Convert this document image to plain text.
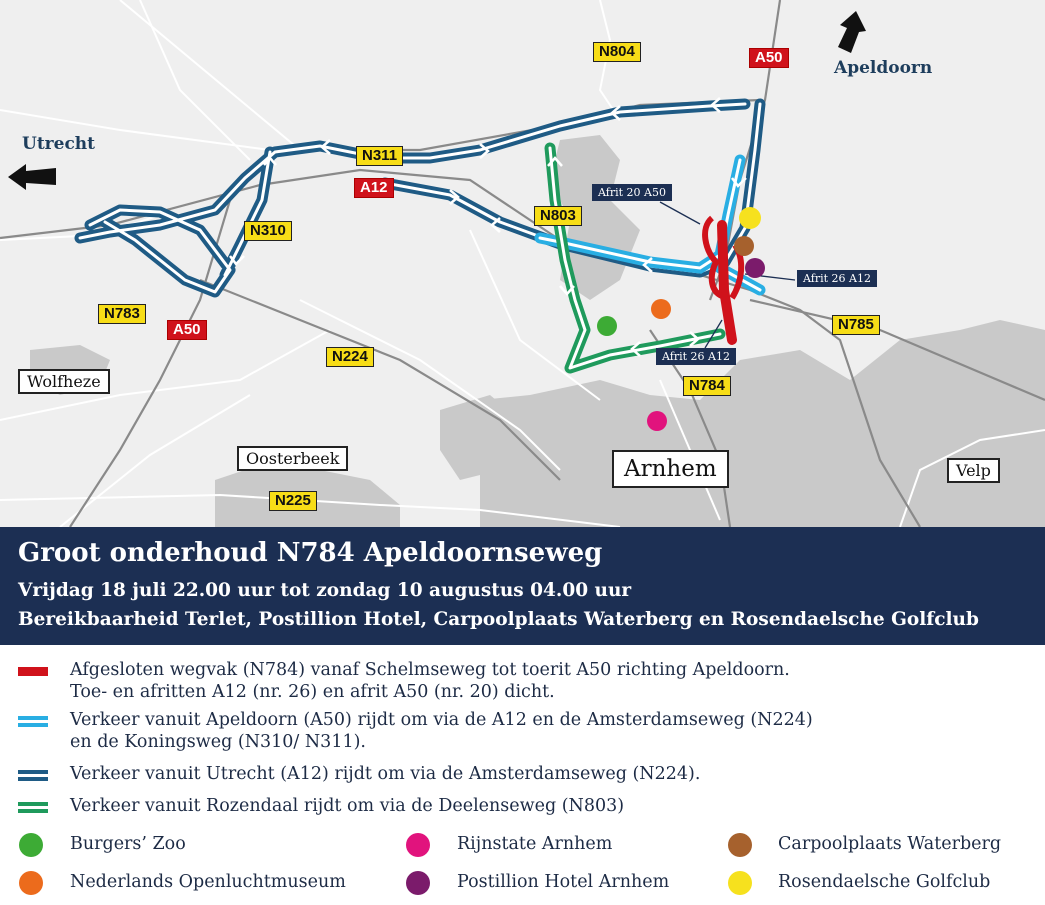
Utrecht
Apeldoorn
N804	A50
N311
A12
N803
N310
N783
A50
N224
N785
N784
N225
Wolfheze
Oosterbeek	Arnhem	Velp
Afrit 20 A50
Afrit 26 A12
Afrit 26 A12
Groot onderhoud N784 Apeldoornseweg
Vrijdag 18 juli 22.00 uur tot zondag 10 augustus 04.00 uur
Bereikbaarheid Terlet, Postillion Hotel, Carpoolplaats Waterberg en Rosendaelsche Golfclub
Afgesloten wegvak (N784) vanaf Schelmseweg tot toerit A50 richting Apeldoorn.
Toe- en afritten A12 (nr. 26) en afrit A50 (nr. 20) dicht.
Verkeer vanuit Apeldoorn (A50) rijdt om via de A12 en de Amsterdamseweg (N224)
en de Koningsweg (N310/ N311).
Verkeer vanuit Utrecht (A12) rijdt om via de Amsterdamseweg (N224).
Verkeer vanuit Rozendaal rijdt om via de Deelenseweg (N803)
Burgers’ Zoo
Nederlands Openluchtmuseum
Rijnstate Arnhem
Postillion Hotel Arnhem
Carpoolplaats Waterberg
Rosendaelsche Golfclub
